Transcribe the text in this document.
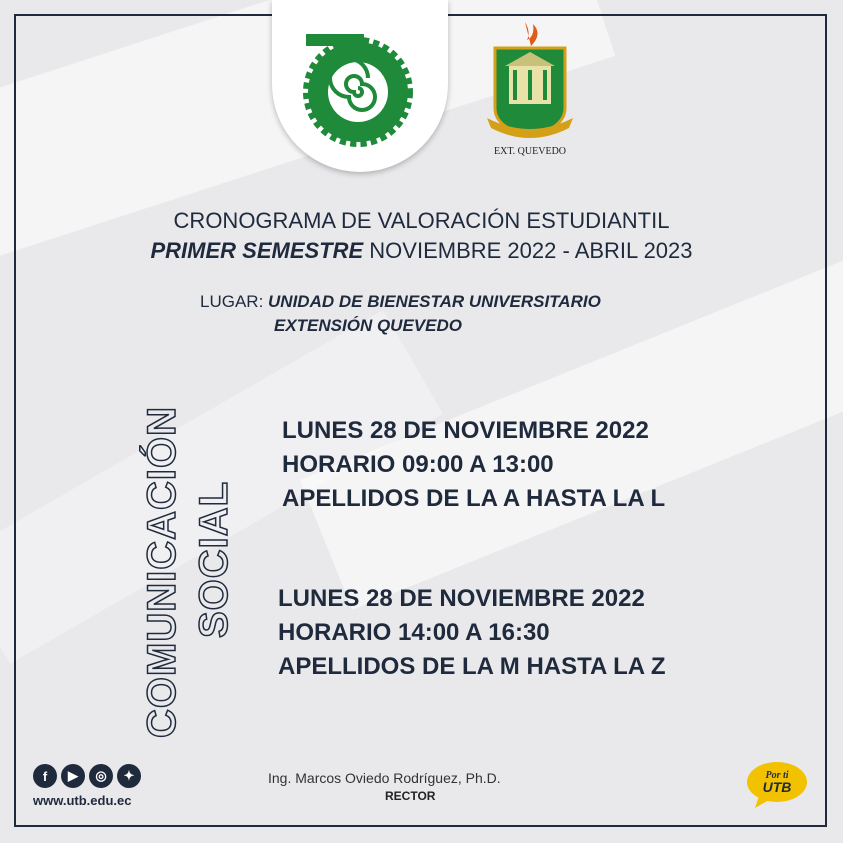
EXT. QUEVEDO
CRONOGRAMA DE VALORACIÓN ESTUDIANTIL
PRIMER SEMESTRE NOVIEMBRE 2022 - ABRIL 2023
LUGAR: UNIDAD DE BIENESTAR UNIVERSITARIO
EXTENSIÓN QUEVEDO
COMUNICACIÓN SOCIAL
LUNES 28 DE NOVIEMBRE 2022
HORARIO 09:00 A 13:00
APELLIDOS DE LA A HASTA LA L
LUNES 28 DE NOVIEMBRE 2022
HORARIO 14:00 A 16:30
APELLIDOS DE LA M HASTA LA Z
f	▶	◎	✦
www.utb.edu.ec
Ing. Marcos Oviedo Rodríguez, Ph.D.
RECTOR
Por ti
UTB
